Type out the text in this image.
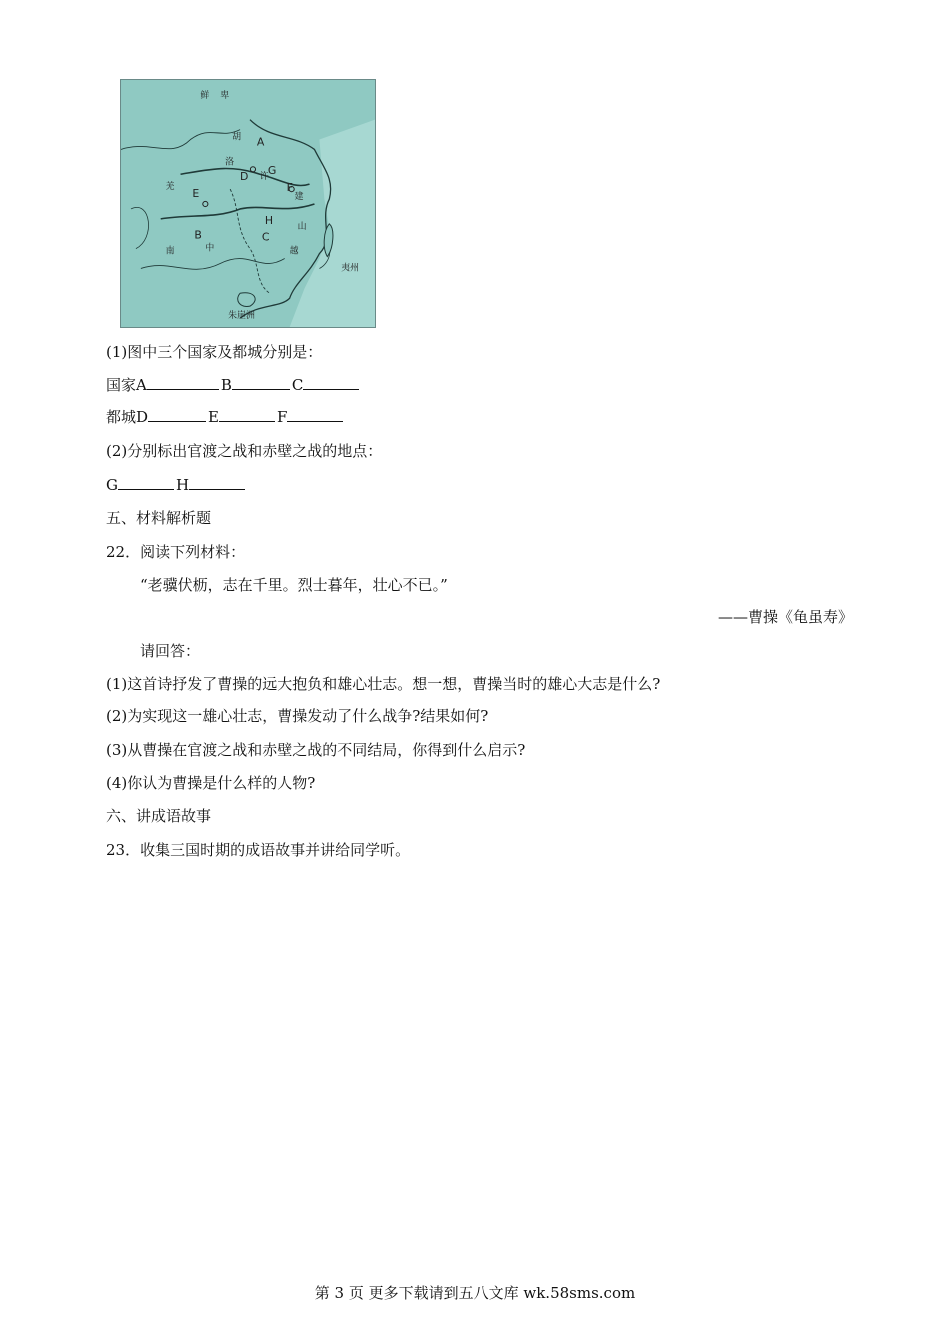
鲜 卑
羌
胡
洛
许
建
山
越
南	中
夷州
朱崖洲
A
B	C
D
E	F
G
H
(1)图中三个国家及都城分别是：
国家A	B	C
都城D	E	F
(2)分别标出官渡之战和赤壁之战的地点：
G	H
五、材料解析题
22．阅读下列材料：
“老骥伏枥，志在千里。烈士暮年，壮心不已。”
——曹操《龟虽寿》
请回答：
(1)这首诗抒发了曹操的远大抱负和雄心壮志。想一想，曹操当时的雄心大志是什么?
(2)为实现这一雄心壮志，曹操发动了什么战争?结果如何?
(3)从曹操在官渡之战和赤壁之战的不同结局，你得到什么启示?
(4)你认为曹操是什么样的人物?
六、讲成语故事
23．收集三国时期的成语故事并讲给同学听。
第 3 页 更多下载请到五八文库 wk.58sms.com
